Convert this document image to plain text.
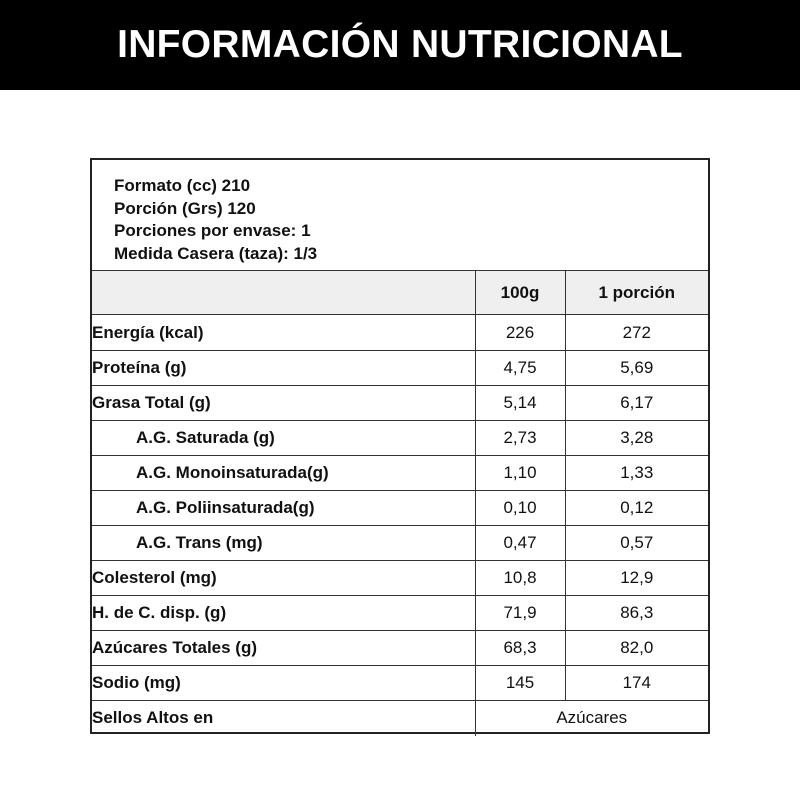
INFORMACIÓN NUTRICIONAL
Formato (cc) 210
Porción (Grs) 120
Porciones por envase: 1
Medida Casera (taza): 1/3
	100g	1 porción
Energía (kcal)	226	272
Proteína (g)	4,75	5,69
Grasa Total (g)	5,14	6,17
A.G. Saturada (g)	2,73	3,28
A.G. Monoinsaturada(g)	1,10	1,33
A.G. Poliinsaturada(g)	0,10	0,12
A.G. Trans (mg)	0,47	0,57
Colesterol (mg)	10,8	12,9
H. de C. disp. (g)	71,9	86,3
Azúcares Totales (g)	68,3	82,0
Sodio (mg)	145	174
Sellos Altos en	Azúcares	
